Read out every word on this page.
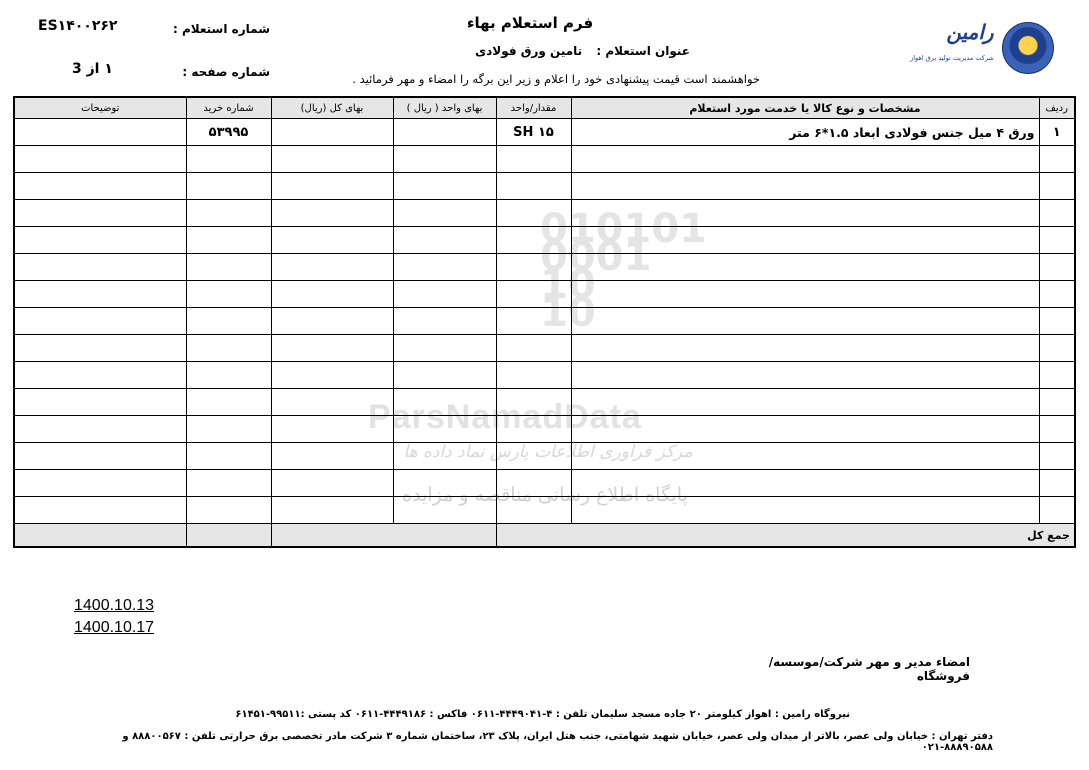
010101
0001
10
10
ParsNamadData
مرکز فرآوری اطلاعات پارس نماد داده ها
پایگاه اطلاع رسانی مناقصه و مزایده
رامین
شرکت مدیریت تولید برق اهواز
فرم استعلام بهاء
عنوان استعلام : تامین ورق فولادی
خواهشمند است قیمت پیشنهادی خود را اعلام و زیر این برگه را امضاء و مهر فرمائید .
شماره استعلام :
ES۱۴۰۰۲۶۲
شماره صفحه :
۱ از 3
ردیف	مشخصات و نوع کالا یا خدمت مورد استعلام	مقدار/واحد	بهای واحد ( ریال )	بهای کل (ریال)	شماره خرید	توضیحات
۱	ورق ۴ میل جنس فولادی ابعاد ۱.۵*۶ متر	۱۵ SH			۵۳۹۹۵	

جمع کل						
1400.10.13
1400.10.17
امضاء مدیر و مهر شرکت/موسسه/فروشگاه
نیروگاه رامین : اهواز کیلومتر ۲۰ جاده مسجد سلیمان تلفن : ۴-۴۴۴۹۰۴۱-۰۶۱۱ فاکس : ۴۴۴۹۱۸۶-۰۶۱۱ کد پستی :۹۹۵۱۱-۶۱۴۵۱
دفتر تهران : خیابان ولی عصر، بالاتر از میدان ولی عصر، خیابان شهید شهامتی، جنب هتل ایران، پلاک ۲۳، ساختمان شماره ۳ شرکت مادر تخصصی برق حرارتی تلفن : ۸۸۸۰۰۵۶۷ و ۸۸۸۹۰۵۸۸-۰۲۱
